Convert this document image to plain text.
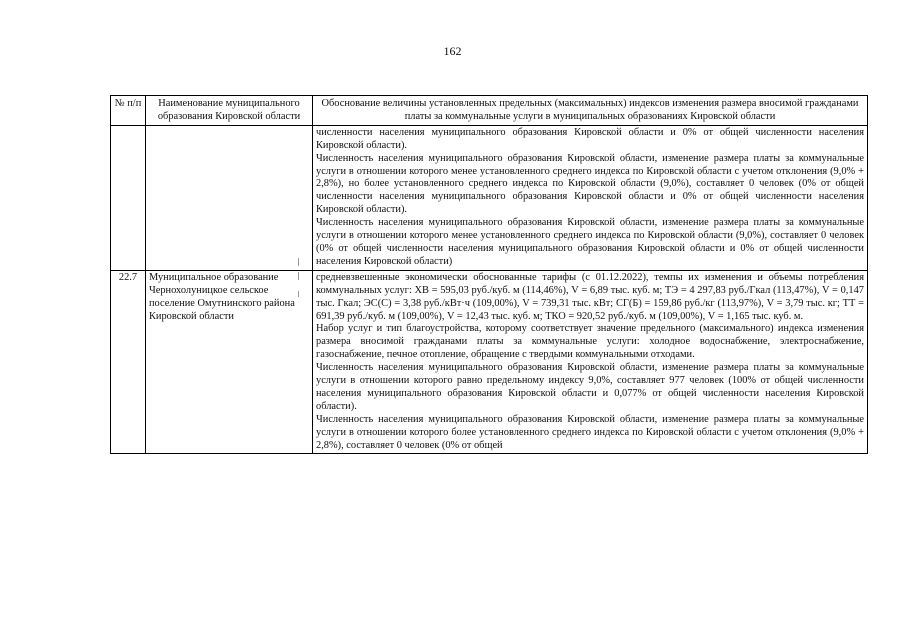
162
№ п/п	Наименование муниципального образования Кировской области	Обоснование величины установленных предельных (максимальных) индексов изменения размера вносимой гражданами платы за коммунальные услуги в муниципальных образованиях Кировской области

		численности населения муниципального образования Кировской области и 0% от общей численности населения Кировской области).

Численность населения муниципального образования Кировской области, изменение размера платы за коммунальные услуги в отношении которого менее установленного среднего индекса по Кировской области с учетом отклонения (9,0% + 2,8%), но более установленного среднего индекса по Кировской области (9,0%), составляет 0 человек (0% от общей численности населения муниципального образования Кировской области и 0% от общей численности населения Кировской области).

Численность населения муниципального образования Кировской области, изменение размера платы за коммунальные услуги в отношении которого менее установленного среднего индекса по Кировской области (9,0%), составляет 0 человек (0% от общей численности населения муниципального образования Кировской области и 0% от общей численности населения Кировской области)

22.7	Муниципальное образование Чернохолуницкое сельское поселение Омутнинского района Кировской области	средневзвешенные экономически обоснованные тарифы (с 01.12.2022), темпы их изменения и объемы потребления коммунальных услуг: ХВ = 595,03 руб./куб. м (114,46%), V = 6,89 тыс. куб. м; ТЭ = 4 297,83 руб./Гкал (113,47%), V = 0,147 тыс. Гкал; ЭС(С) = 3,38 руб./кВт·ч (109,00%), V = 739,31 тыс. кВт; СГ(Б) = 159,86 руб./кг (113,97%), V = 3,79 тыс. кг; ТТ = 691,39 руб./куб. м (109,00%), V = 12,43 тыс. куб. м; ТКО = 920,52 руб./куб. м (109,00%), V = 1,165 тыс. куб. м.

Набор услуг и тип благоустройства, которому соответствует значение предельного (максимального) индекса изменения размера вносимой гражданами платы за коммунальные услуги: холодное водоснабжение, электроснабжение, газоснабжение, печное отопление, обращение с твердыми коммунальными отходами.

Численность населения муниципального образования Кировской области, изменение размера платы за коммунальные услуги в отношении которого равно предельному индексу 9,0%, составляет 977 человек (100% от общей численности населения муниципального образования Кировской области и 0,077% от общей численности населения Кировской области).

Численность населения муниципального образования Кировской области, изменение размера платы за коммунальные услуги в отношении которого более установленного среднего индекса по Кировской области с учетом отклонения (9,0% + 2,8%), составляет 0 человек (0% от общей
